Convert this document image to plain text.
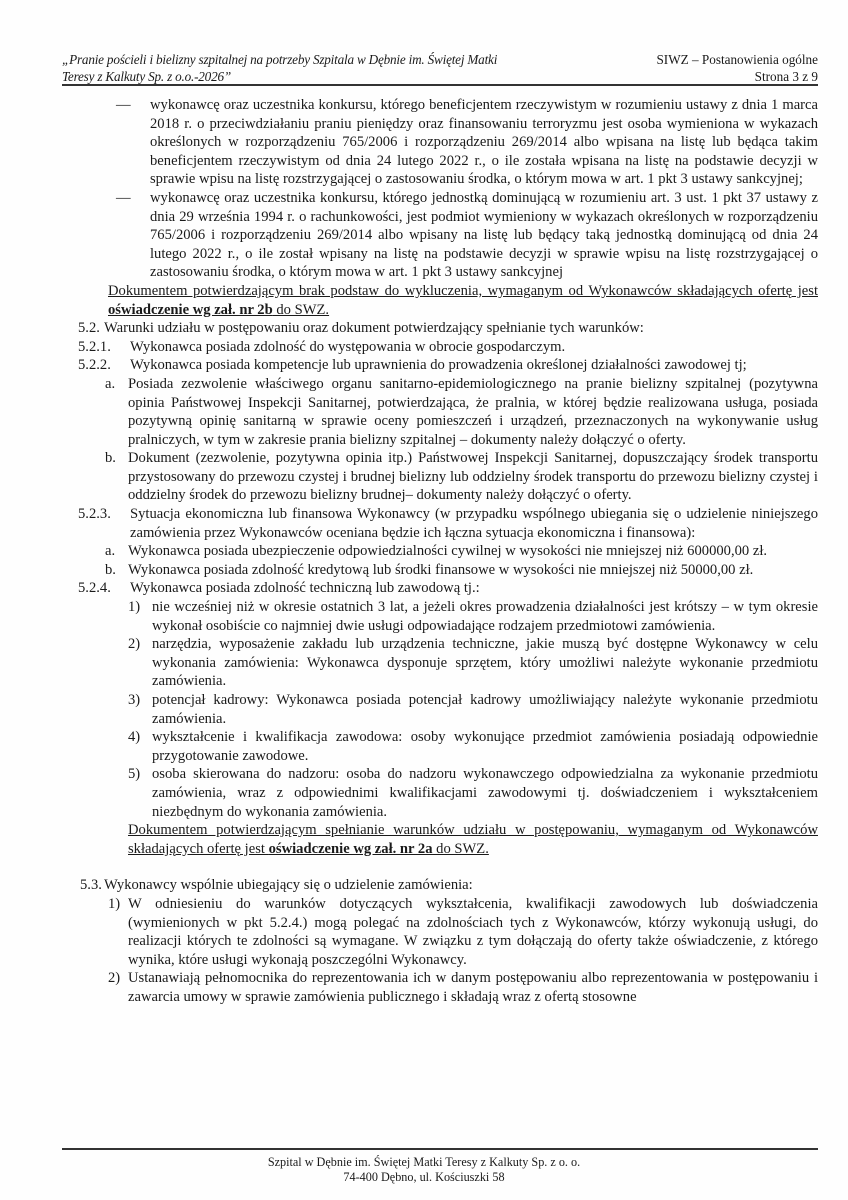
„Pranie pościeli i bielizny szpitalnej na potrzeby Szpitala w Dębnie im. Świętej Matki
Teresy z Kalkuty Sp. z o.o.-2026”
SIWZ – Postanowienia ogólne
Strona 3 z 9
— wykonawcę oraz uczestnika konkursu, którego beneficjentem rzeczywistym w rozumieniu ustawy z dnia 1 marca 2018 r. o przeciwdziałaniu praniu pieniędzy oraz finansowaniu terroryzmu jest osoba wymieniona w wykazach określonych w rozporządzeniu 765/2006 i rozporządzeniu 269/2014 albo wpisana na listę lub będąca takim beneficjentem rzeczywistym od dnia 24 lutego 2022 r., o ile została wpisana na listę na podstawie decyzji w sprawie wpisu na listę rozstrzygającej o zastosowaniu środka, o którym mowa w art. 1 pkt 3 ustawy sankcyjnej;
— wykonawcę oraz uczestnika konkursu, którego jednostką dominującą w rozumieniu art. 3 ust. 1 pkt 37 ustawy z dnia 29 września 1994 r. o rachunkowości, jest podmiot wymieniony w wykazach określonych w rozporządzeniu 765/2006 i rozporządzeniu 269/2014 albo wpisany na listę lub będący taką jednostką dominującą od dnia 24 lutego 2022 r., o ile został wpisany na listę na podstawie decyzji w sprawie wpisu na listę rozstrzygającej o zastosowaniu środka, o którym mowa w art. 1 pkt 3 ustawy sankcyjnej
Dokumentem potwierdzającym brak podstaw do wykluczenia, wymaganym od Wykonawców składających ofertę jest oświadczenie wg zał. nr 2b do SWZ.
5.2. Warunki udziału w postępowaniu oraz dokument potwierdzający spełnianie tych warunków:
5.2.1. Wykonawca posiada zdolność do występowania w obrocie gospodarczym.
5.2.2. Wykonawca posiada kompetencje lub uprawnienia do prowadzenia określonej działalności zawodowej tj;
a. Posiada zezwolenie właściwego organu sanitarno-epidemiologicznego na pranie bielizny szpitalnej (pozytywna opinia Państwowej Inspekcji Sanitarnej, potwierdzająca, że pralnia, w której będzie realizowana usługa, posiada pozytywną opinię sanitarną w sprawie oceny pomieszczeń i urządzeń, przeznaczonych na wykonywanie usług pralniczych, w tym w zakresie prania bielizny szpitalnej – dokumenty należy dołączyć o oferty.
b. Dokument (zezwolenie, pozytywna opinia itp.) Państwowej Inspekcji Sanitarnej, dopuszczający środek transportu przystosowany do przewozu czystej i brudnej bielizny lub oddzielny środek transportu do przewozu bielizny czystej i oddzielny środek do przewozu bielizny brudnej– dokumenty należy dołączyć o oferty.
5.2.3. Sytuacja ekonomiczna lub finansowa Wykonawcy (w przypadku wspólnego ubiegania się o udzielenie niniejszego zamówienia przez Wykonawców oceniana będzie ich łączna sytuacja ekonomiczna i finansowa):
a. Wykonawca posiada ubezpieczenie odpowiedzialności cywilnej w wysokości nie mniejszej niż 600000,00 zł.
b. Wykonawca posiada zdolność kredytową lub środki finansowe w wysokości nie mniejszej niż 50000,00 zł.
5.2.4. Wykonawca posiada zdolność techniczną lub zawodową tj.:
1) nie wcześniej niż w okresie ostatnich 3 lat, a jeżeli okres prowadzenia działalności jest krótszy – w tym okresie wykonał osobiście co najmniej dwie usługi odpowiadające rodzajem przedmiotowi zamówienia.
2) narzędzia, wyposażenie zakładu lub urządzenia techniczne, jakie muszą być dostępne Wykonawcy w celu wykonania zamówienia: Wykonawca dysponuje sprzętem, który umożliwi należyte wykonanie przedmiotu zamówienia.
3) potencjał kadrowy: Wykonawca posiada potencjał kadrowy umożliwiający należyte wykonanie przedmiotu zamówienia.
4) wykształcenie i kwalifikacja zawodowa: osoby wykonujące przedmiot zamówienia posiadają odpowiednie przygotowanie zawodowe.
5) osoba skierowana do nadzoru: osoba do nadzoru wykonawczego odpowiedzialna za wykonanie przedmiotu zamówienia, wraz z odpowiednimi kwalifikacjami zawodowymi tj. doświadczeniem i wykształceniem niezbędnym do wykonania zamówienia.
Dokumentem potwierdzającym spełnianie warunków udziału w postępowaniu, wymaganym od Wykonawców składających ofertę jest oświadczenie wg zał. nr 2a do SWZ.
5.3. Wykonawcy wspólnie ubiegający się o udzielenie zamówienia:
1) W odniesieniu do warunków dotyczących wykształcenia, kwalifikacji zawodowych lub doświadczenia (wymienionych w pkt 5.2.4.) mogą polegać na zdolnościach tych z Wykonawców, którzy wykonują usługi, do realizacji których te zdolności są wymagane. W związku z tym dołączają do oferty także oświadczenie, z którego wynika, które usługi wykonają poszczególni Wykonawcy.
2) Ustanawiają pełnomocnika do reprezentowania ich w danym postępowaniu albo reprezentowania w postępowaniu i zawarcia umowy w sprawie zamówienia publicznego i składają wraz z ofertą stosowne
Szpital w Dębnie im. Świętej Matki Teresy z Kalkuty Sp. z o. o.
74-400 Dębno, ul. Kościuszki 58
